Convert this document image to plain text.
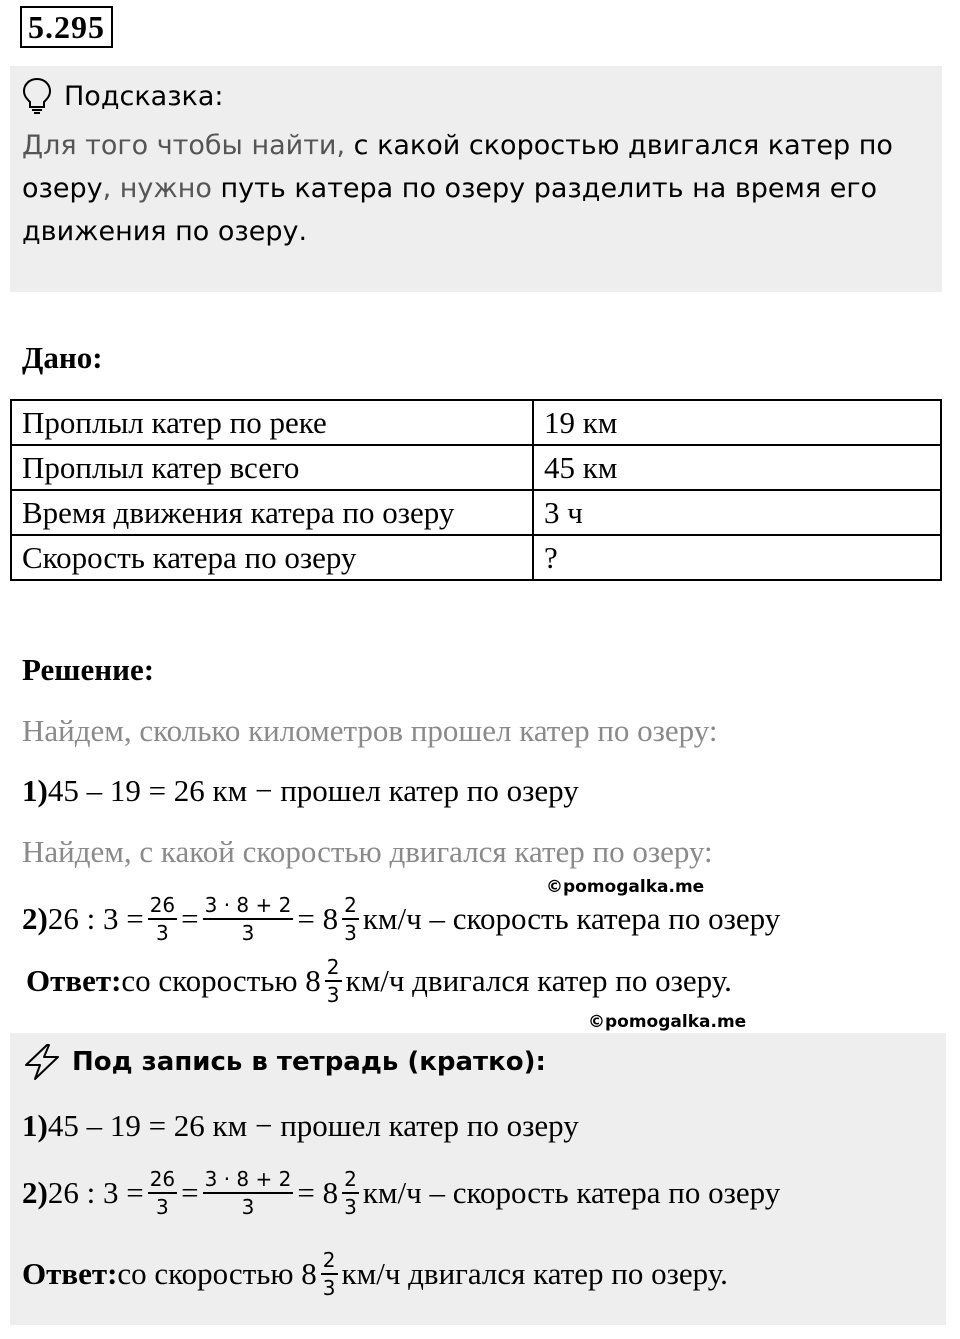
5.295
Подсказка:
Для того чтобы найти, с какой скоростью двигался катер по озеру, нужно путь катера по озеру разделить на время его движения по озеру.
Дано:
Проплыл катер по реке	19 км
Проплыл катер всего	45 км
Время движения катера по озеру	3 ч
Скорость катера по озеру	?
Решение:
Найдем, сколько километров прошел катер по озеру:
1) 45 – 19 = 26 км − прошел катер по озеру
Найдем, с какой скоростью двигался катер по озеру:
©pomogalka.me
2) 26 : $3 = \frac{26}{3} = \frac{3 \cdot 8 + 2}{3} = 8 \frac{2}{3} км/ч$ – скорость катера по озеру
Ответ: со скоростью $8 \frac{2}{3} км/ч$ двигался катер по озеру.
©pomogalka.me
Под запись в тетрадь (кратко):
1) 45 – 19 = 26 км − прошел катер по озеру
2) 26 : $3 = \frac{26}{3} = \frac{3 \cdot 8 + 2}{3} = 8 \frac{2}{3} км/ч$ – скорость катера по озеру
Ответ: со скоростью $8 \frac{2}{3} км/ч$ двигался катер по озеру.
